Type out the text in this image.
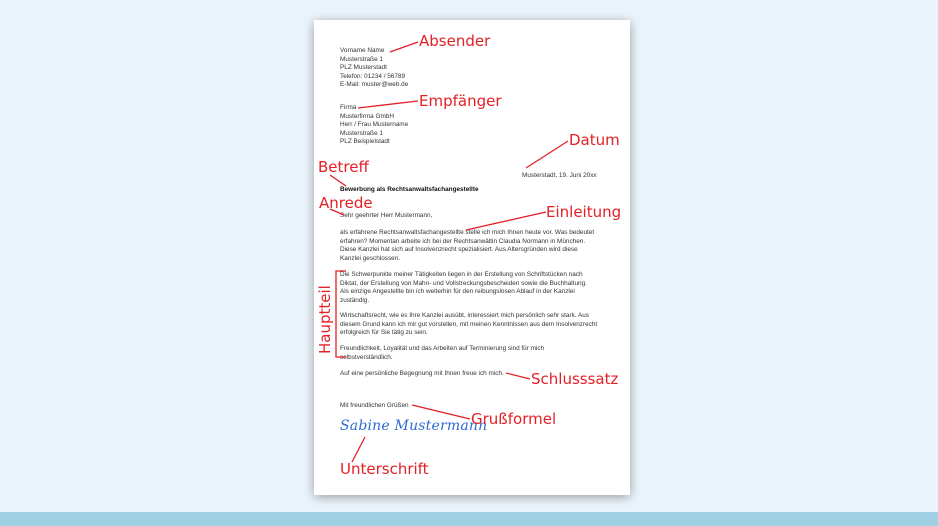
Vorname Name
Musterstraße 1
PLZ Musterstadt
Telefon: 01234 / 56789
E-Mail: muster@web.de
Firma
Musterfirma GmbH
Herr / Frau Mustername
Musterstraße 1
PLZ Beispielstadt
Musterstadt, 19. Juni 20xx
Bewerbung als Rechtsanwaltsfachangestellte
Sehr geehrter Herr Mustermann,
als erfahrene Rechtsanwaltsfachangestellte stelle ich mich Ihnen heute vor. Was bedeutet
erfahren? Momentan arbeite ich bei der Rechtsanwältin Claudia Normann in München.
Diese Kanzlei hat sich auf Insolvenzrecht spezialisiert. Aus Altersgründen wird diese
Kanzlei geschlossen.
Die Schwerpunkte meiner Tätigkeiten liegen in der Erstellung von Schriftstücken nach
Diktat, der Erstellung von Mahn- und Vollstreckungsbescheiden sowie die Buchhaltung.
Als einzige Angestellte bin ich weiterhin für den reibungslosen Ablauf in der Kanzlei
zuständig.
Wirtschaftsrecht, wie es Ihre Kanzlei ausübt, interessiert mich persönlich sehr stark. Aus
diesem Grund kann ich mir gut vorstellen, mit meinen Kenntnissen aus dem Insolvenzrecht
erfolgreich für Sie tätig zu sein.
Freundlichkeit, Loyalität und das Arbeiten auf Terminierung sind für mich
selbstverständlich.
Auf eine persönliche Begegnung mit Ihnen freue ich mich.
Mit freundlichen Grüßen
Sabine Mustermann
Absender
Empfänger
Datum
Betreff
Anrede	Einleitung
Hauptteil
Schlusssatz
Grußformel
Unterschrift
